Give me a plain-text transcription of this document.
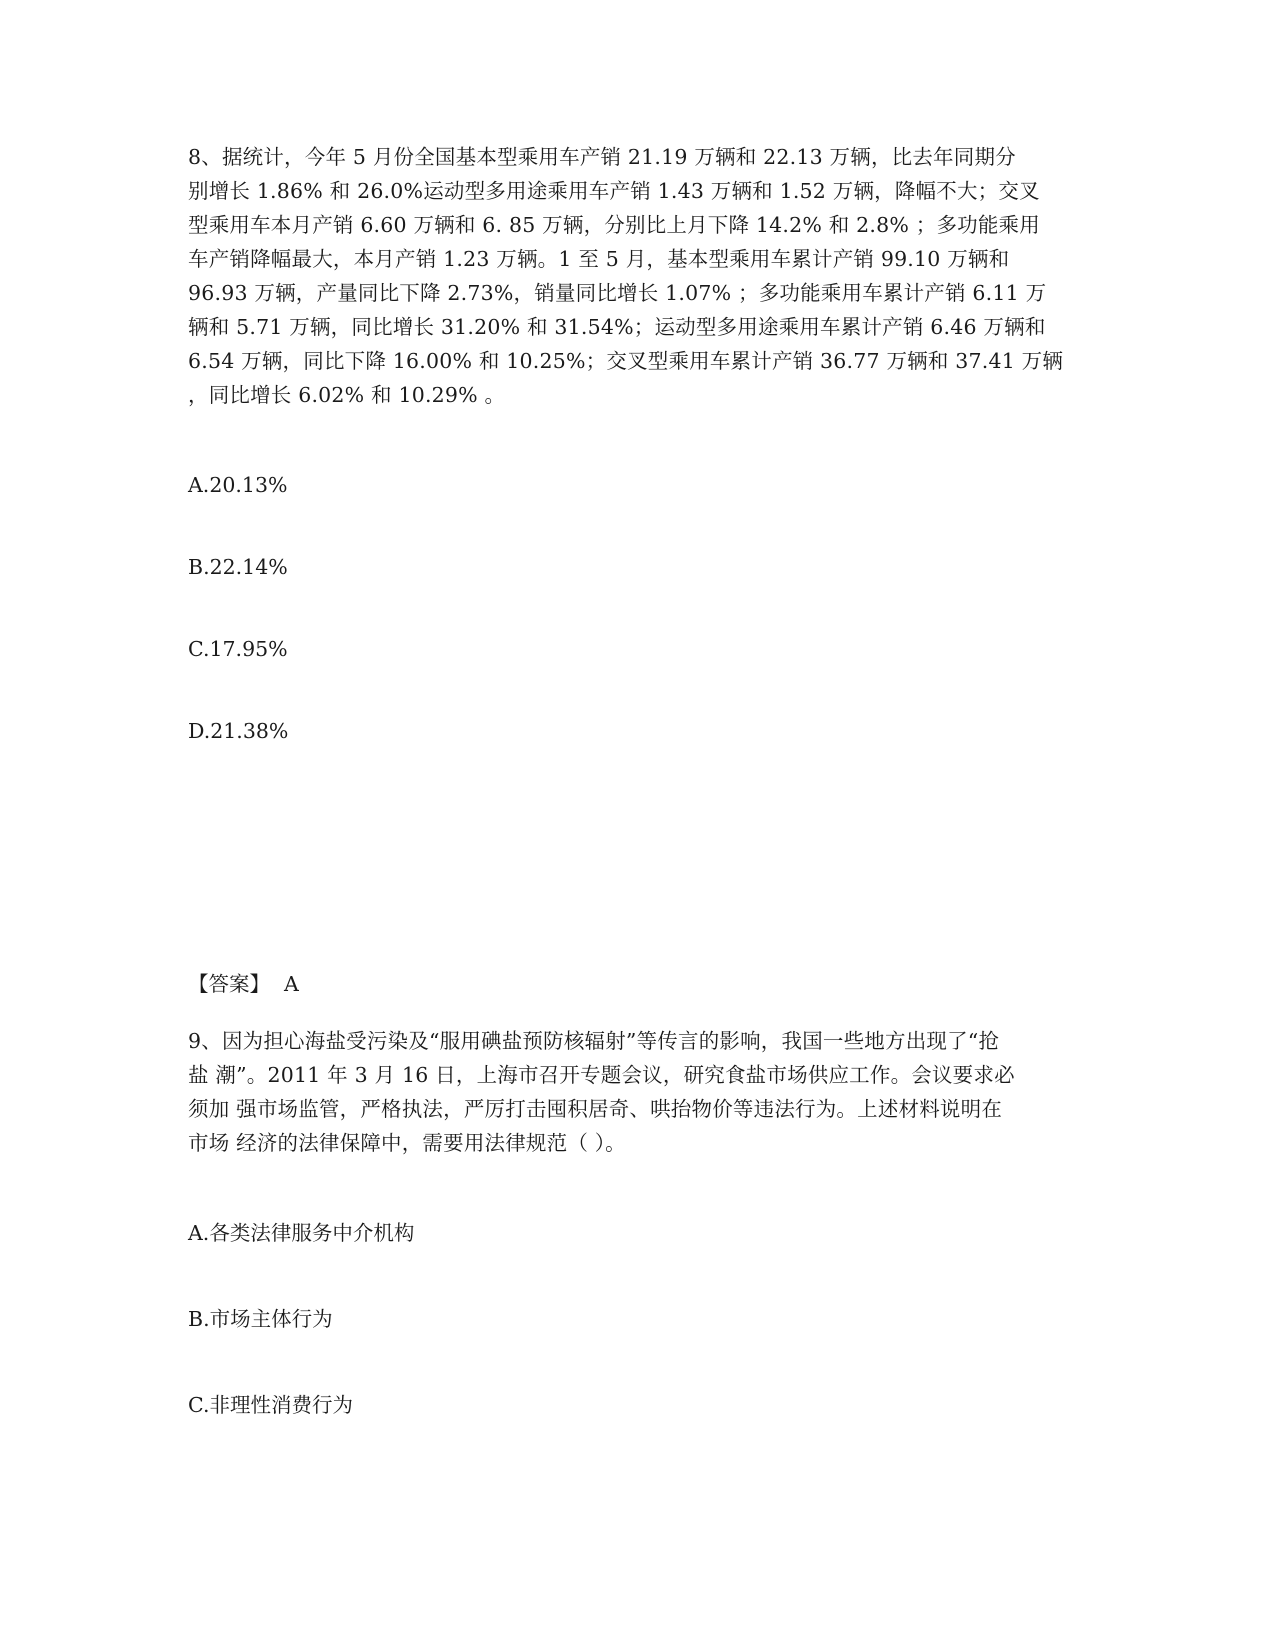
8、据统计，今年 5 月份全国基本型乘用车产销 21.19 万辆和 22.13 万辆，比去年同期分
别增长 1.86% 和 26.0%运动型多用途乘用车产销 1.43 万辆和 1.52 万辆，降幅不大；交叉
型乘用车本月产销 6.60 万辆和 6. 85 万辆，分别比上月下降 14.2% 和 2.8% ；多功能乘用
车产销降幅最大，本月产销 1.23 万辆。1 至 5 月，基本型乘用车累计产销 99.10 万辆和
96.93 万辆，产量同比下降 2.73%，销量同比增长 1.07% ；多功能乘用车累计产销 6.11 万
辆和 5.71 万辆，同比增长 31.20% 和 31.54%；运动型多用途乘用车累计产销 6.46 万辆和
6.54 万辆，同比下降 16.00% 和 10.25%；交叉型乘用车累计产销 36.77 万辆和 37.41 万辆
，同比增长 6.02% 和 10.29% 。
A.20.13%
B.22.14%
C.17.95%
D.21.38%
【答案】 A
9、因为担心海盐受污染及“服用碘盐预防核辐射”等传言的影响，我国一些地方出现了“抢
盐 潮”。2011 年 3 月 16 日，上海市召开专题会议，研究食盐市场供应工作。会议要求必
须加 强市场监管，严格执法，严厉打击囤积居奇、哄抬物价等违法行为。上述材料说明在
市场 经济的法律保障中，需要用法律规范（ ）。
A.各类法律服务中介机构
B.市场主体行为
C.非理性消费行为
